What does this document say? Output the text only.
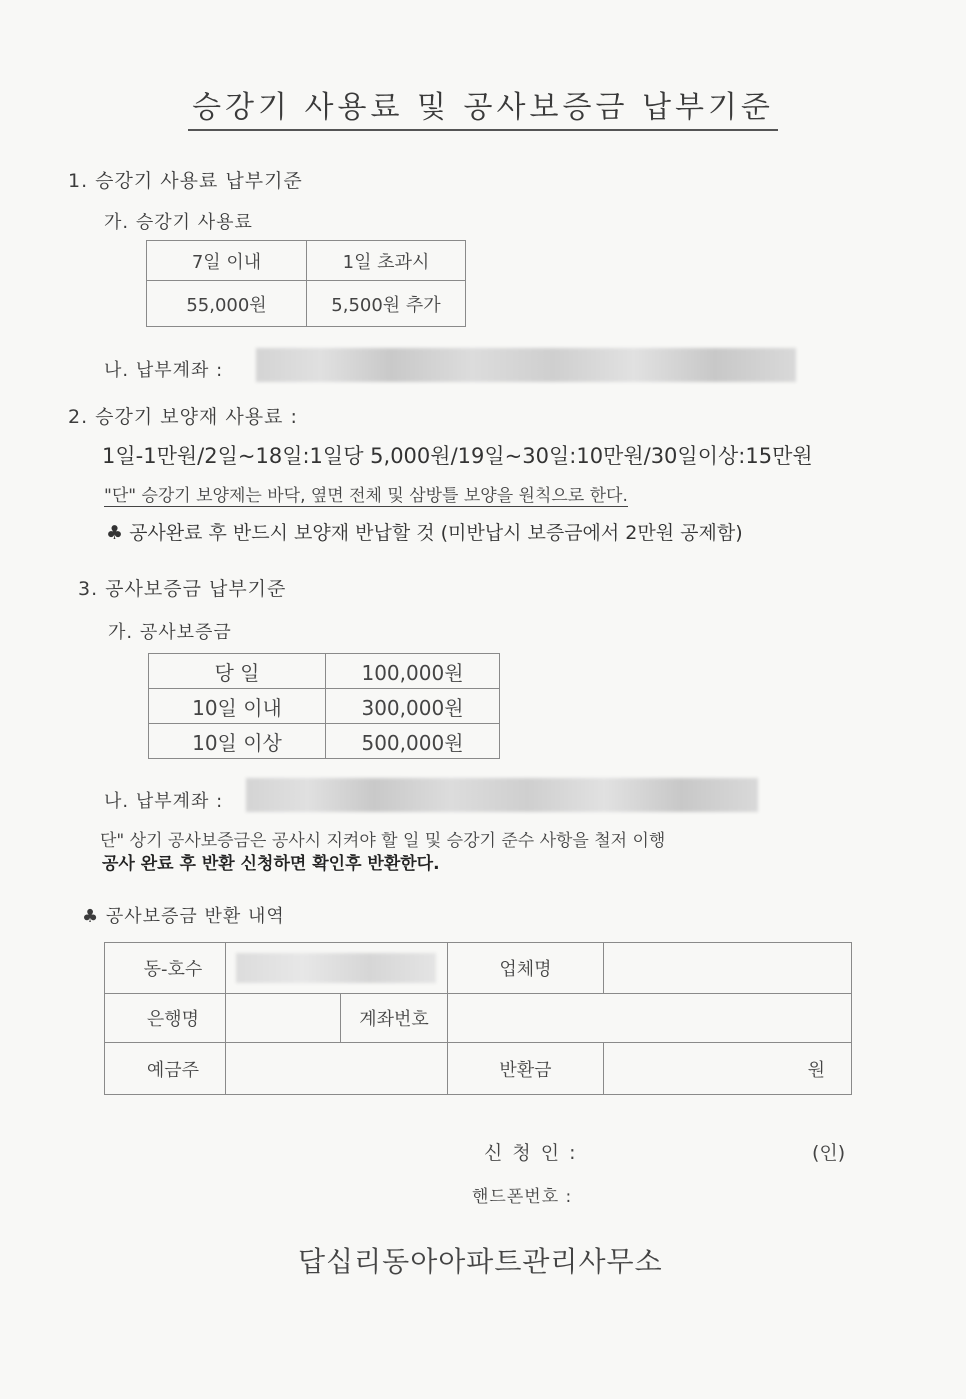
승강기 사용료 및 공사보증금 납부기준
1. 승강기 사용료 납부기준
가. 승강기 사용료
7일 이내	1일 초과시
55,000원	5,500원 추가
나. 납부계좌 :
2. 승강기 보양재 사용료 :
1일-1만원/2일~18일:1일당 5,000원/19일~30일:10만원/30일이상:15만원
"단" 승강기 보양제는 바닥, 옆면 전체 및 삼방틀 보양을 원칙으로 한다.
♣ 공사완료 후 반드시 보양재 반납할 것 (미반납시 보증금에서 2만원 공제함)
3. 공사보증금 납부기준
가. 공사보증금
당 일	100,000원
10일 이내	300,000원
10일 이상	500,000원
나. 납부계좌 :
단" 상기 공사보증금은 공사시 지켜야 할 일 및 승강기 준수 사항을 철저 이행
공사 완료 후 반환 신청하면 확인후 반환한다.
♣ 공사보증금 반환 내역
동-호수			업체명	
은행명		계좌번호		
예금주			반환금	원
신 청 인 :	(인)
핸드폰번호 :
답십리동아아파트관리사무소
